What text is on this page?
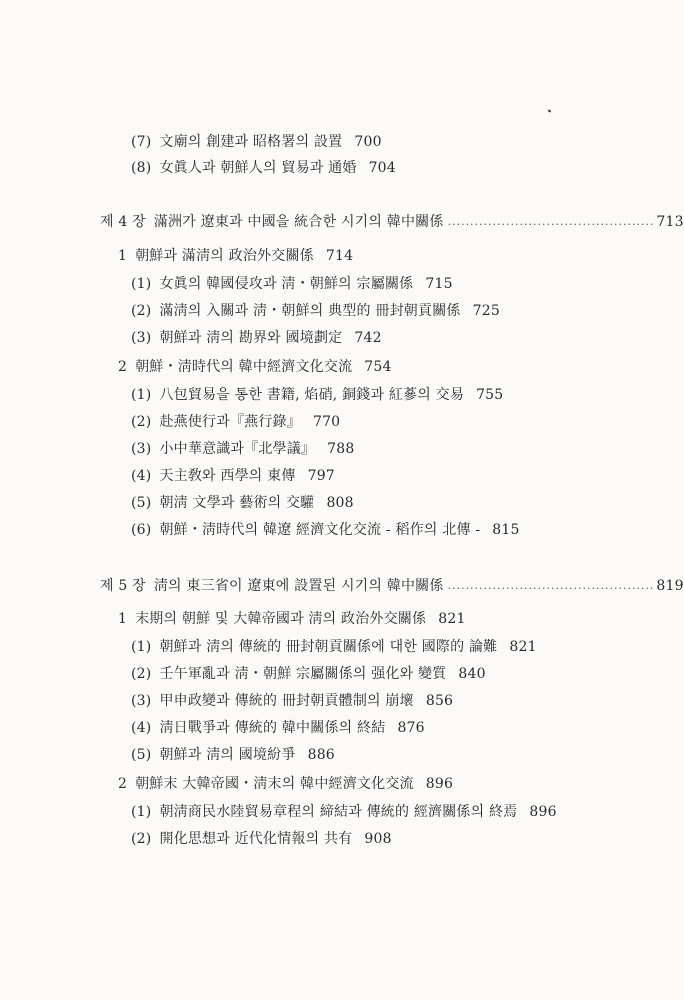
(7) 文廟의 創建과 昭格署의 設置 700
(8) 女眞人과 朝鮮人의 貿易과 通婚 704
제 4 장 滿洲가 遼東과 中國을 統合한 시기의 韓中關係 .............................................. 713
1 朝鮮과 滿淸의 政治外交關係 714
(1) 女眞의 韓國侵攻과 淸・朝鮮의 宗屬關係 715
(2) 滿淸의 入關과 淸・朝鮮의 典型的 冊封朝貢關係 725
(3) 朝鮮과 淸의 勘界와 國境劃定 742
2 朝鮮・淸時代의 韓中經濟文化交流 754
(1) 八包貿易을 통한 書籍, 焰硝, 銅錢과 紅蔘의 交易 755
(2) 赴燕使行과『燕行錄』 770
(3) 小中華意識과『北學議』 788
(4) 天主敎와 西學의 東傳 797
(5) 朝淸 文學과 藝術의 交驩 808
(6) 朝鮮・淸時代의 韓遼 經濟文化交流 - 稻作의 北傳 - 815
제 5 장 淸의 東三省이 遼東에 設置된 시기의 韓中關係 .............................................. 819
1 末期의 朝鮮 및 大韓帝國과 淸의 政治外交關係 821
(1) 朝鮮과 淸의 傳統的 冊封朝貢關係에 대한 國際的 論難 821
(2) 壬午軍亂과 淸・朝鮮 宗屬關係의 强化와 變質 840
(3) 甲申政變과 傳統的 冊封朝貢體制의 崩壞 856
(4) 淸日戰爭과 傳統的 韓中關係의 終結 876
(5) 朝鮮과 淸의 國境紛爭 886
2 朝鮮末 大韓帝國・淸末의 韓中經濟文化交流 896
(1) 朝淸商民水陸貿易章程의 締結과 傳統的 經濟關係의 終焉 896
(2) 開化思想과 近代化情報의 共有 908
